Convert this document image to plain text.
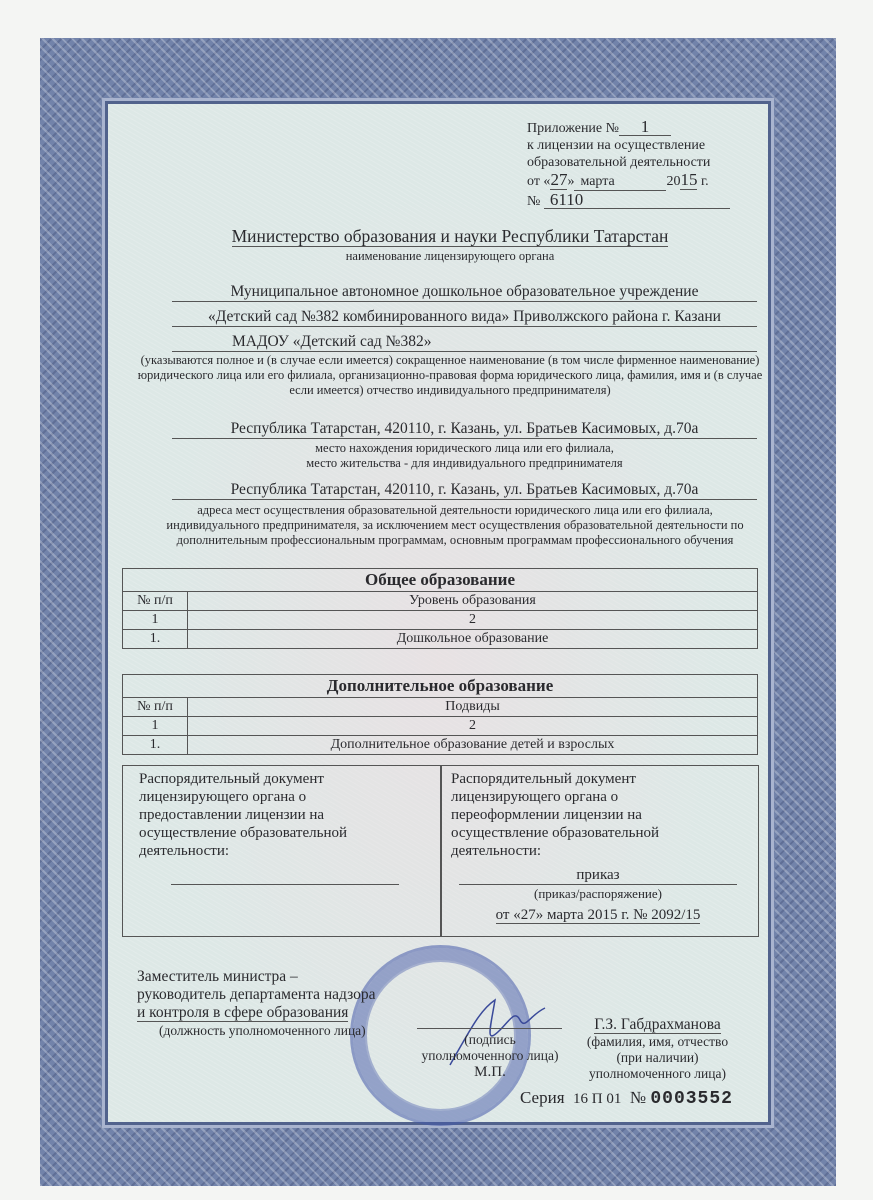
Приложение № 1
к лицензии на осуществление
образовательной деятельности
от «27» марта	2015 г.
№ 6110
Министерство образования и науки Республики Татарстан
наименование лицензирующего органа
Муниципальное автономное дошкольное образовательное учреждение
«Детский сад №382 комбинированного вида» Приволжского района г. Казани
МАДОУ «Детский сад №382»
(указываются полное и (в случае если имеется) сокращенное наименование (в том числе фирменное наименование) юридического лица или его филиала, организационно-правовая форма юридического лица, фамилия, имя и (в случае если имеется) отчество индивидуального предпринимателя)
Республика Татарстан, 420110, г. Казань, ул. Братьев Касимовых, д.70а
место нахождения юридического лица или его филиала,
место жительства - для индивидуального предпринимателя
Республика Татарстан, 420110, г. Казань, ул. Братьев Касимовых, д.70а
адреса мест осуществления образовательной деятельности юридического лица или его филиала, индивидуального предпринимателя, за исключением мест осуществления образовательной деятельности по дополнительным профессиональным программам, основным программам профессионального обучения
Общее образование	
№ п/п	Уровень образования
1	2
1.	Дошкольное образование
Дополнительное образование	
№ п/п	Подвиды
1	2
1.	Дополнительное образование детей и взрослых
Распорядительный документ лицензирующего органа о предоставлении лицензии на осуществление образовательной деятельности:
Распорядительный документ лицензирующего органа о переоформлении лицензии на осуществление образовательной деятельности:
приказ
(приказ/распоряжение)
от «27» марта 2015 г. № 2092/15
Заместитель министра –
руководитель департамента надзора
и контроля в сфере образования
(должность уполномоченного лица)
(подпись
уполномоченного лица)
М.П.
Г.З. Габдрахманова
(фамилия, имя, отчество
(при наличии)
уполномоченного лица)
Серия 16 П 01 № 0003552
